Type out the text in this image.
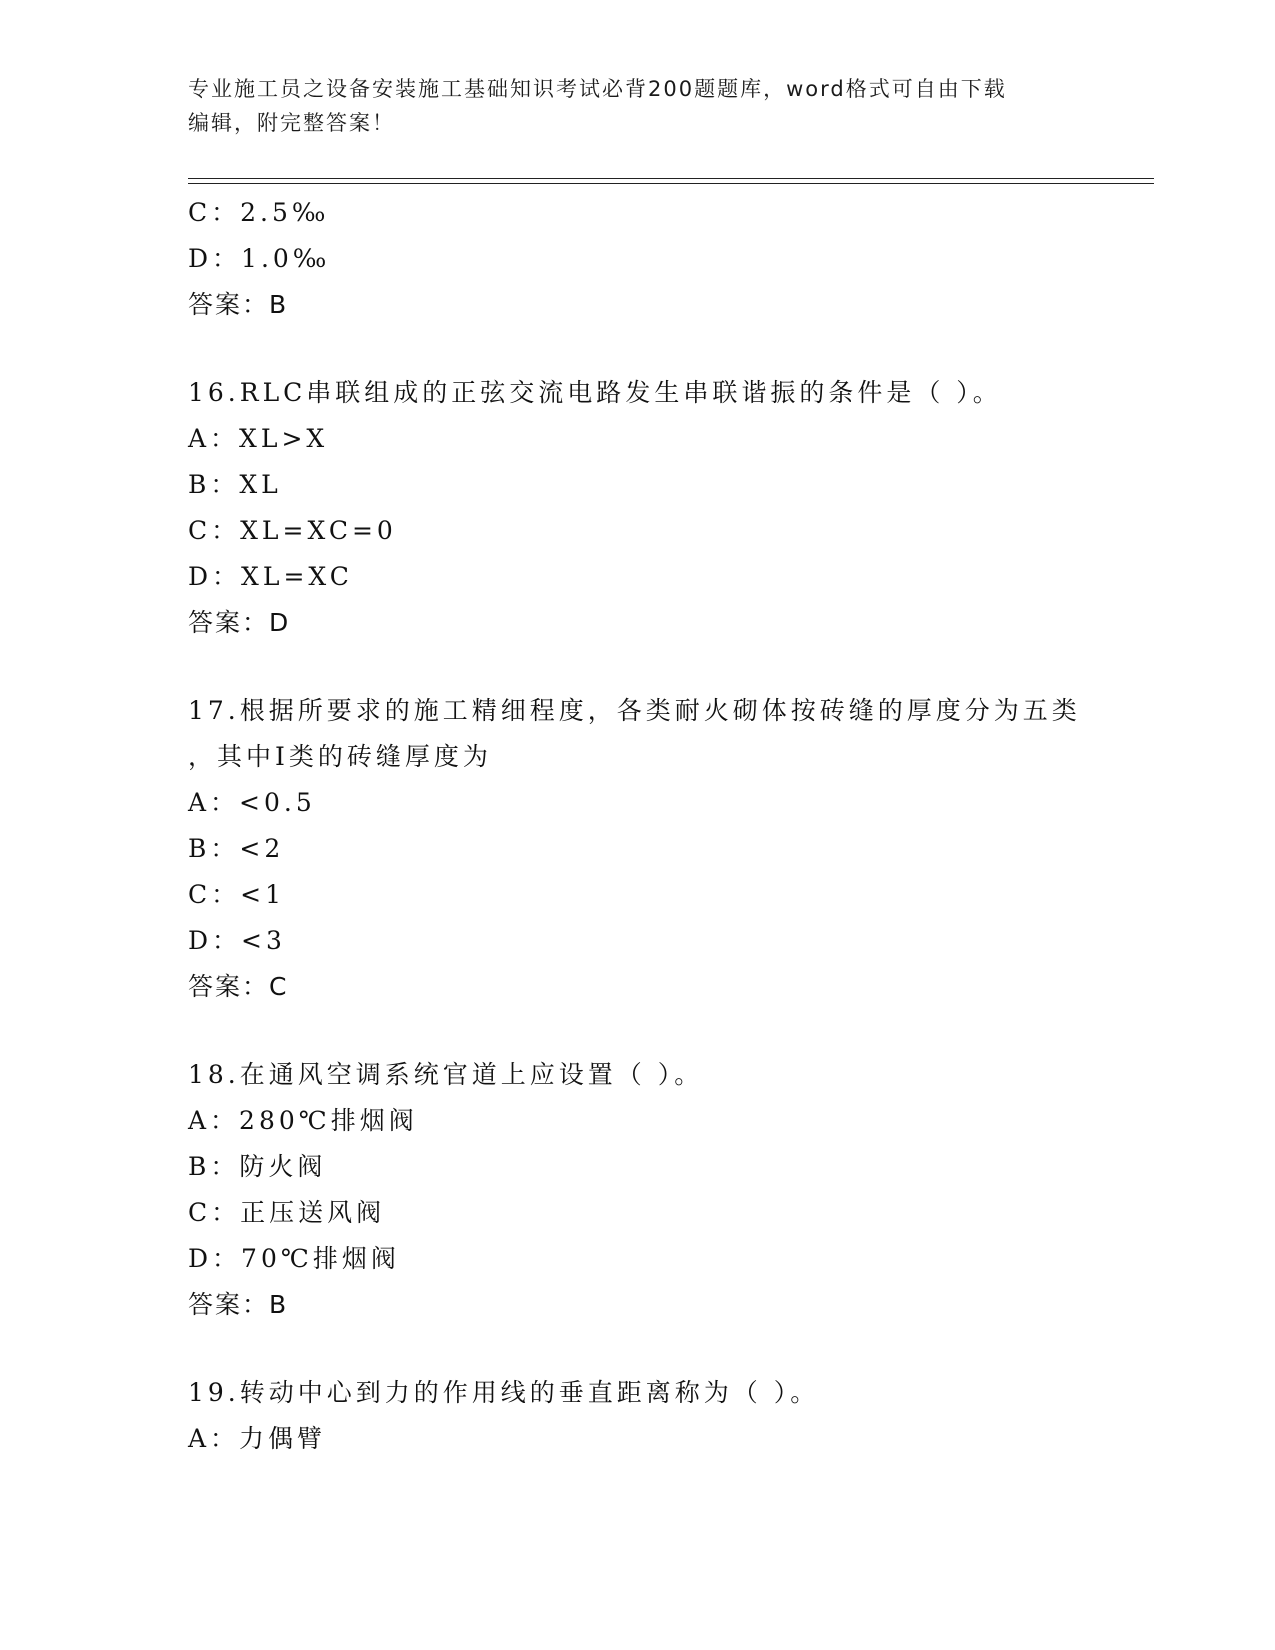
专业施工员之设备安装施工基础知识考试必背200题题库，word格式可自由下载
编辑，附完整答案！
C：2.5‰
D：1.0‰
答案：B
16.RLC串联组成的正弦交流电路发生串联谐振的条件是（ ）。
A：XL>X
B：XL
C：XL=XC=0
D：XL=XC
答案：D
17.根据所要求的施工精细程度，各类耐火砌体按砖缝的厚度分为五类
，其中Ⅰ类的砖缝厚度为
A：<0.5
B：<2
C：<1
D：<3
答案：C
18.在通风空调系统官道上应设置（ ）。
A：280℃排烟阀
B：防火阀
C：正压送风阀
D：70℃排烟阀
答案：B
19.转动中心到力的作用线的垂直距离称为（ ）。
A：力偶臂
